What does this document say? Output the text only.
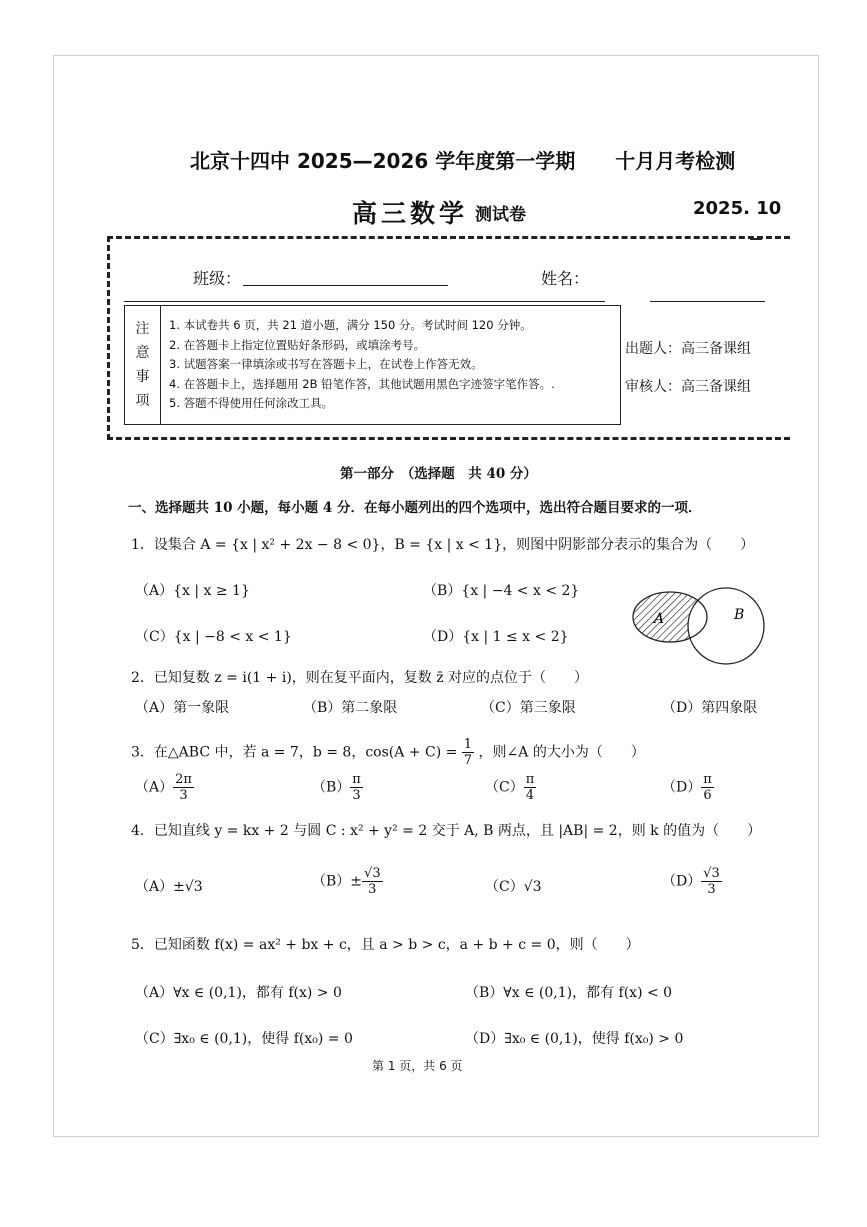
北京十四中 2025—2026 学年度第一学期　　十月月考检测
高三数学 测试卷	2025. 10
班级：	姓名：
注
意
事
项
1. 本试卷共 6 页，共 21 道小题，满分 150 分。考试时间 120 分钟。
2. 在答题卡上指定位置贴好条形码，或填涂考号。
3. 试题答案一律填涂或书写在答题卡上，在试卷上作答无效。
4. 在答题卡上，选择题用 2B 铅笔作答，其他试题用黑色字迹签字笔作答。.
5. 答题不得使用任何涂改工具。
出题人：高三备课组
审核人：高三备课组
第一部分　（选择题　共 40 分）
一、选择题共 10 小题，每小题 4 分．在每小题列出的四个选项中，选出符合题目要求的一项．
1．设集合 A = {x | x² + 2x − 8 < 0}，B = {x | x < 1}，则图中阴影部分表示的集合为（　　）
（A）{x | x ≥ 1}	（B）{x | −4 < x < 2}
（C）{x | −8 < x < 1}	（D）{x | 1 ≤ x < 2}
A	B
2．已知复数 z = i(1 + i)，则在复平面内，复数 z̄ 对应的点位于（　　）
（A）第一象限	（B）第二象限	（C）第三象限	（D）第四象限
3．在△ABC 中，若 a = 7，b = 8，$\cos(A + C) = \frac{1}{7}$ ，则∠A 的大小为（　　）
$(A) \frac{2\pi}{3}$	$(B) \frac{\pi}{3}$	$(C) \frac{\pi}{4}$	$(D) \frac{\pi}{6}$
4．已知直线 y = kx + 2 与圆 C : x² + y² = 2 交于 A, B 两点，且 |AB| = 2，则 k 的值为（　　）
（A）±√3	$(B)\pm \frac{√3}{3}$	（C）√3	$(D) \frac{√3}{3}$
5．已知函数 f(x) = ax² + bx + c，且 a > b > c，a + b + c = 0，则（　　）
（A）∀x ∈ (0,1)，都有 f(x) > 0	（B）∀x ∈ (0,1)，都有 f(x) < 0
（C）∃x₀ ∈ (0,1)，使得 f(x₀) = 0	（D）∃x₀ ∈ (0,1)，使得 f(x₀) > 0
第 1 页，共 6 页
